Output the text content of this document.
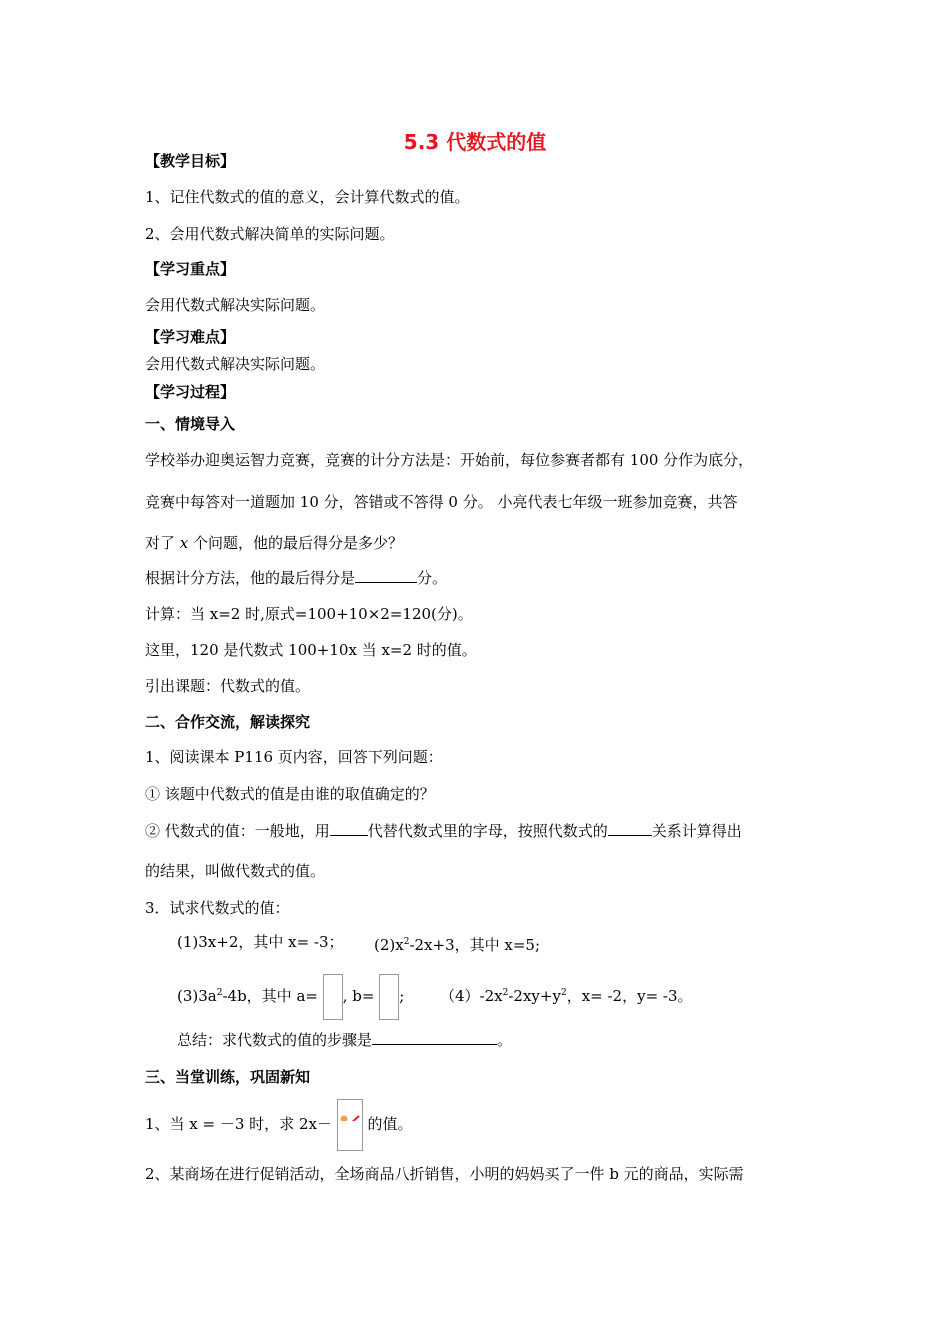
5.3 代数式的值
【教学目标】
1、记住代数式的值的意义，会计算代数式的值。
2、会用代数式解决简单的实际问题。
【学习重点】
会用代数式解决实际问题。
【学习难点】
会用代数式解决实际问题。
【学习过程】
一、情境导入
学校举办迎奥运智力竞赛，竞赛的计分方法是：开始前，每位参赛者都有 100 分作为底分，
竞赛中每答对一道题加 10 分，答错或不答得 0 分。 小亮代表七年级一班参加竞赛，共答
对了 x 个问题，他的最后得分是多少？
根据计分方法，他的最后得分是	分。
计算：当 x=2 时,原式=100+10×2=120(分)。
这里，120 是代数式 100+10x 当 x=2 时的值。
引出课题：代数式的值。
二、合作交流，解读探究
1、阅读课本 P116 页内容，回答下列问题：
① 该题中代数式的值是由谁的取值确定的？
② 代数式的值：一般地，用	代替代数式里的字母，按照代数式的	关系计算得出
的结果，叫做代数式的值。
3．试求代数式的值：
(1)3x+2，其中 x= -3； $(2)x^2-2x+3$，其中 x=5;
$(3)3a^2-4b$，其中 a= , b= ; $(4)-2x^2-2xy+y^2$，x= -2，y= -3。
总结：求代数式的值的步骤是	。
三、当堂训练，巩固新知
1、当 x = －3 时，求 2x－ 的值。
2、某商场在进行促销活动，全场商品八折销售，小明的妈妈买了一件 b 元的商品，实际需
